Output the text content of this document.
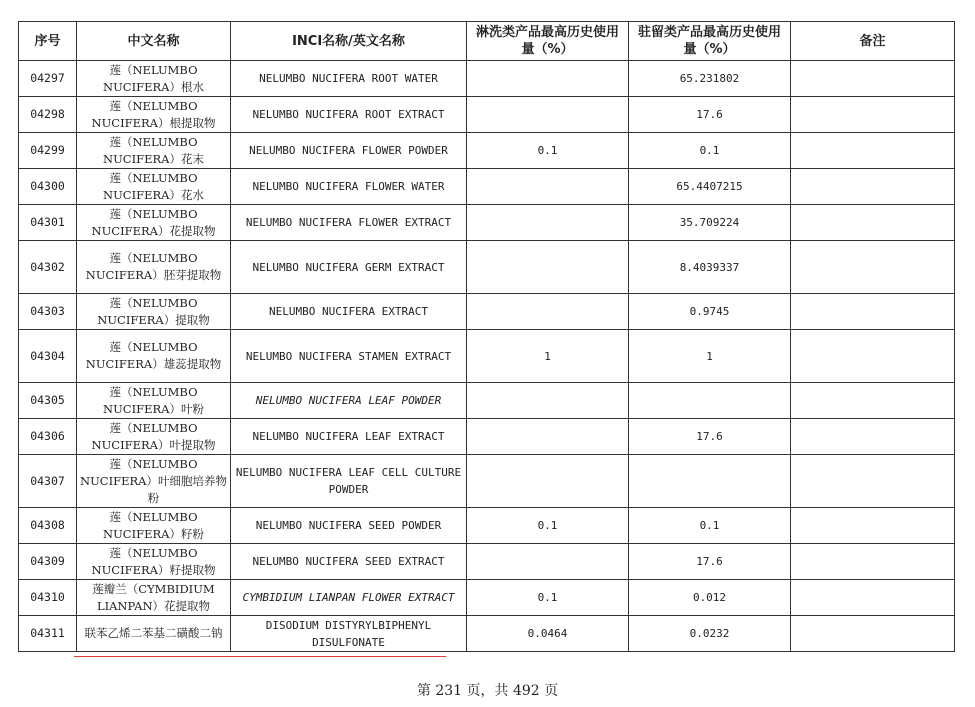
序号	中文名称	INCI名称/英文名称	淋洗类产品最高历史使用量（%）	驻留类产品最高历史使用量（%）	备注
04297	莲（NELUMBO NUCIFERA）根水	NELUMBO NUCIFERA ROOT WATER		65.231802	
04298	莲（NELUMBO NUCIFERA）根提取物	NELUMBO NUCIFERA ROOT EXTRACT		17.6	
04299	莲（NELUMBO NUCIFERA）花末	NELUMBO NUCIFERA FLOWER POWDER	0.1	0.1	
04300	莲（NELUMBO NUCIFERA）花水	NELUMBO NUCIFERA FLOWER WATER		65.4407215	
04301	莲（NELUMBO NUCIFERA）花提取物	NELUMBO NUCIFERA FLOWER EXTRACT		35.709224	
04302	莲（NELUMBO NUCIFERA）胚芽提取物	NELUMBO NUCIFERA GERM EXTRACT		8.4039337	
04303	莲（NELUMBO NUCIFERA）提取物	NELUMBO NUCIFERA EXTRACT		0.9745	
04304	莲（NELUMBO NUCIFERA）雄蕊提取物	NELUMBO NUCIFERA STAMEN EXTRACT	1	1	
04305	莲（NELUMBO NUCIFERA）叶粉	NELUMBO NUCIFERA LEAF POWDER			
04306	莲（NELUMBO NUCIFERA）叶提取物	NELUMBO NUCIFERA LEAF EXTRACT		17.6	
04307	莲（NELUMBO NUCIFERA）叶细胞培养物粉	NELUMBO NUCIFERA LEAF CELL CULTURE POWDER			
04308	莲（NELUMBO NUCIFERA）籽粉	NELUMBO NUCIFERA SEED POWDER	0.1	0.1	
04309	莲（NELUMBO NUCIFERA）籽提取物	NELUMBO NUCIFERA SEED EXTRACT		17.6	
04310	莲瓣兰（CYMBIDIUM LIANPAN）花提取物	CYMBIDIUM LIANPAN FLOWER EXTRACT	0.1	0.012	
04311	联苯乙烯二苯基二磺酸二钠	DISODIUM DISTYRYLBIPHENYL DISULFONATE	0.0464	0.0232	
第 231 页，共 492 页
